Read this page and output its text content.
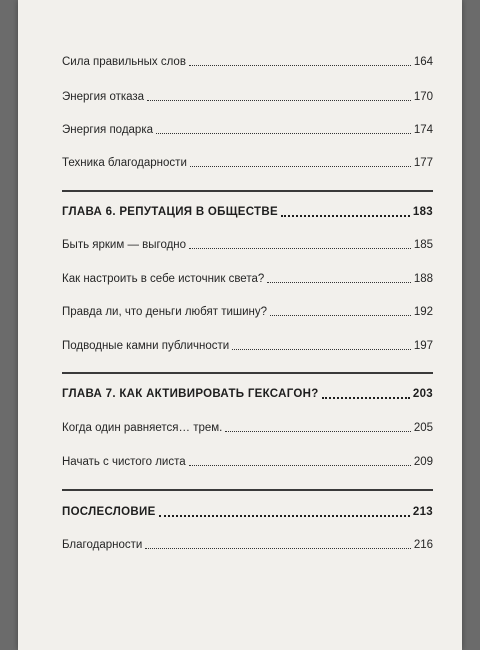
Сила правильных слов	164
Энергия отказа	170
Энергия подарка	174
Техника благодарности	177
ГЛАВА 6. РЕПУТАЦИЯ В ОБЩЕСТВЕ	183
Быть ярким — выгодно	185
Как настроить в себе источник света?	188
Правда ли, что деньги любят тишину?	192
Подводные камни публичности	197
ГЛАВА 7. КАК АКТИВИРОВАТЬ ГЕКСАГОН?	203
Когда один равняется… трем.	205
Начать с чистого листа	209
ПОСЛЕСЛОВИЕ	213
Благодарности	216
